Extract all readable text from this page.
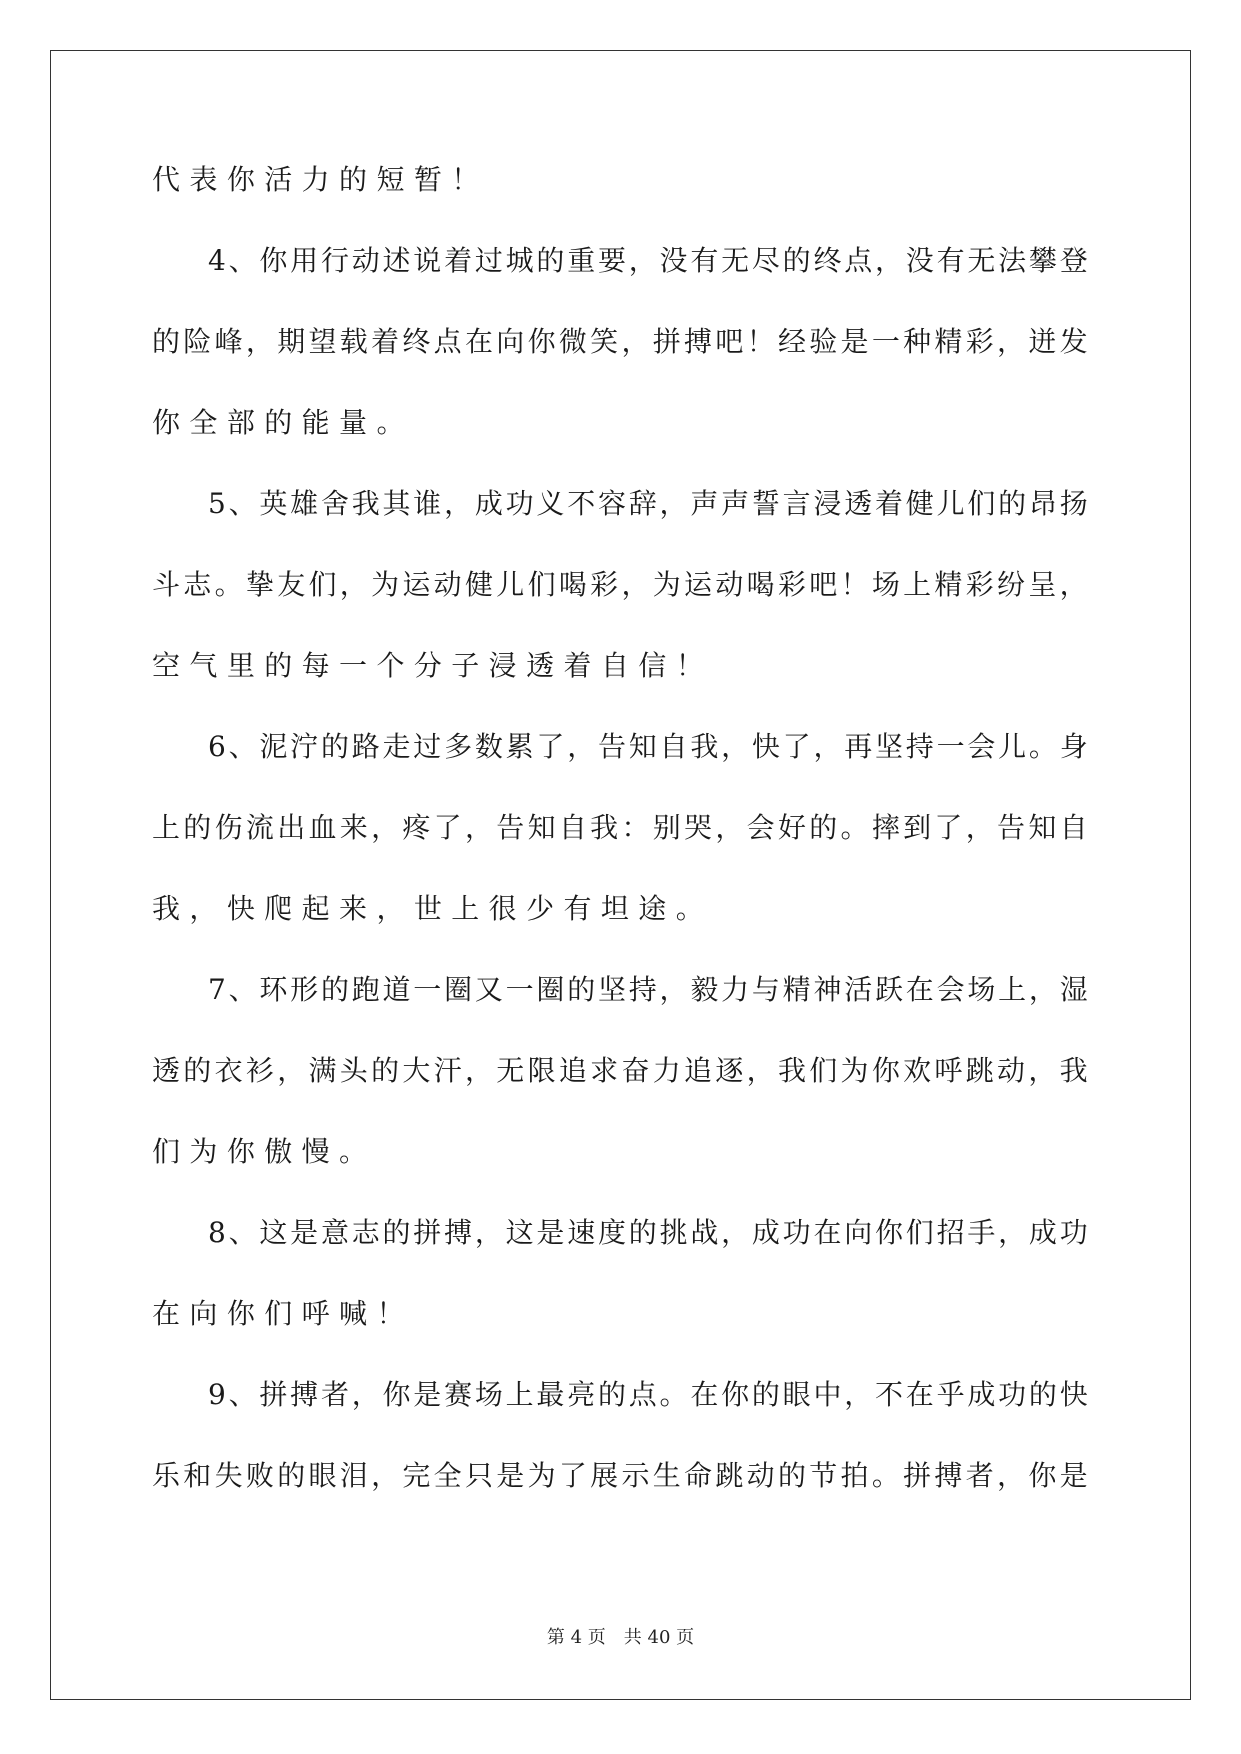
代 表 你 活 力 的 短 暂 ！
4 、 你 用 行 动 述 说 着 过 城 的 重 要 ， 没 有 无 尽 的 终 点 ， 没 有 无 法 攀 登
的 险 峰 ， 期 望 载 着 终 点 在 向 你 微 笑 ， 拼 搏 吧 ！ 经 验 是 一 种 精 彩 ， 迸 发
你 全 部 的 能 量 。
5 、 英 雄 舍 我 其 谁 ， 成 功 义 不 容 辞 ， 声 声 誓 言 浸 透 着 健 儿 们 的 昂 扬
斗 志 。 挚 友 们 ， 为 运 动 健 儿 们 喝 彩 ， 为 运 动 喝 彩 吧 ！ 场 上 精 彩 纷 呈 ，
空 气 里 的 每 一 个 分 子 浸 透 着 自 信 ！
6 、 泥 泞 的 路 走 过 多 数 累 了 ， 告 知 自 我 ， 快 了 ， 再 坚 持 一 会 儿 。 身
上 的 伤 流 出 血 来 ， 疼 了 ， 告 知 自 我 ： 别 哭 ， 会 好 的 。 摔 到 了 ， 告 知 自
我 ， 快 爬 起 来 ， 世 上 很 少 有 坦 途 。
7 、 环 形 的 跑 道 一 圈 又 一 圈 的 坚 持 ， 毅 力 与 精 神 活 跃 在 会 场 上 ， 湿
透 的 衣 衫 ， 满 头 的 大 汗 ， 无 限 追 求 奋 力 追 逐 ， 我 们 为 你 欢 呼 跳 动 ， 我
们 为 你 傲 慢 。
8 、 这 是 意 志 的 拼 搏 ， 这 是 速 度 的 挑 战 ， 成 功 在 向 你 们 招 手 ， 成 功
在 向 你 们 呼 喊 ！
9 、 拼 搏 者 ， 你 是 赛 场 上 最 亮 的 点 。 在 你 的 眼 中 ， 不 在 乎 成 功 的 快
乐 和 失 败 的 眼 泪 ， 完 全 只 是 为 了 展 示 生 命 跳 动 的 节 拍 。 拼 搏 者 ， 你 是
第 4 页　共 40 页
